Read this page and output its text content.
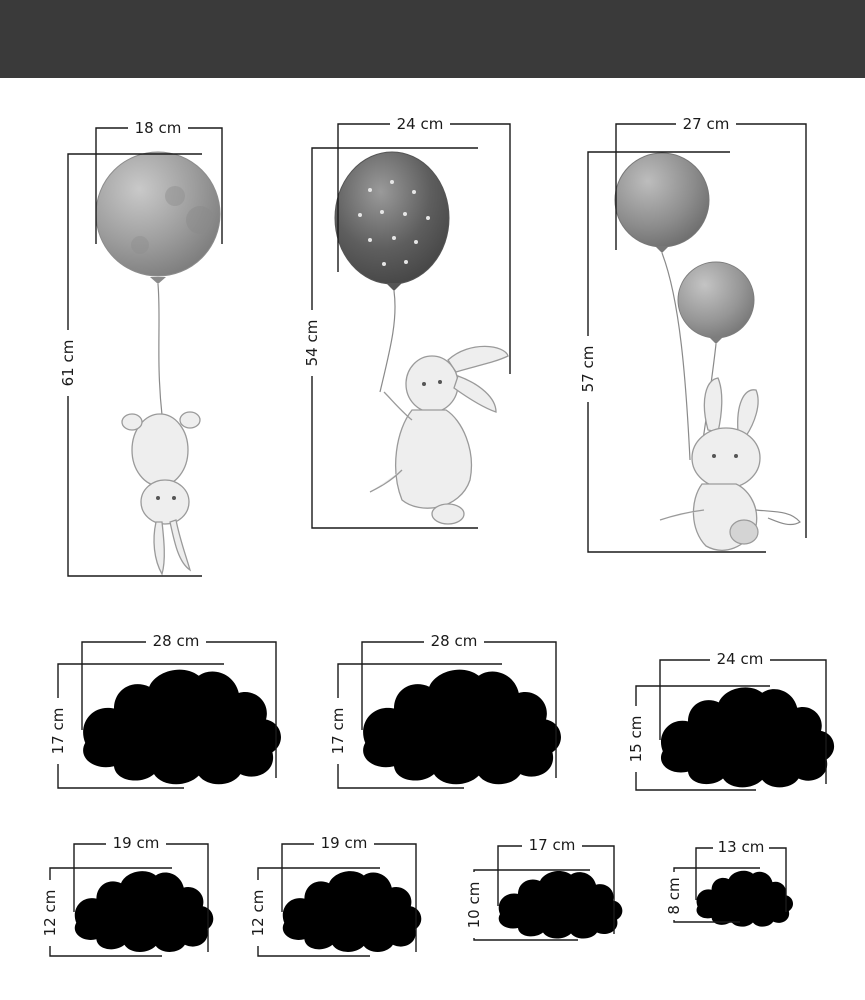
18 cm
61 cm
24 cm
54 cm
27 cm
57 cm
28 cm
17 cm
28 cm
17 cm
24 cm
15 cm
19 cm
12 cm
19 cm
12 cm
17 cm
10 cm
13 cm
8 cm
